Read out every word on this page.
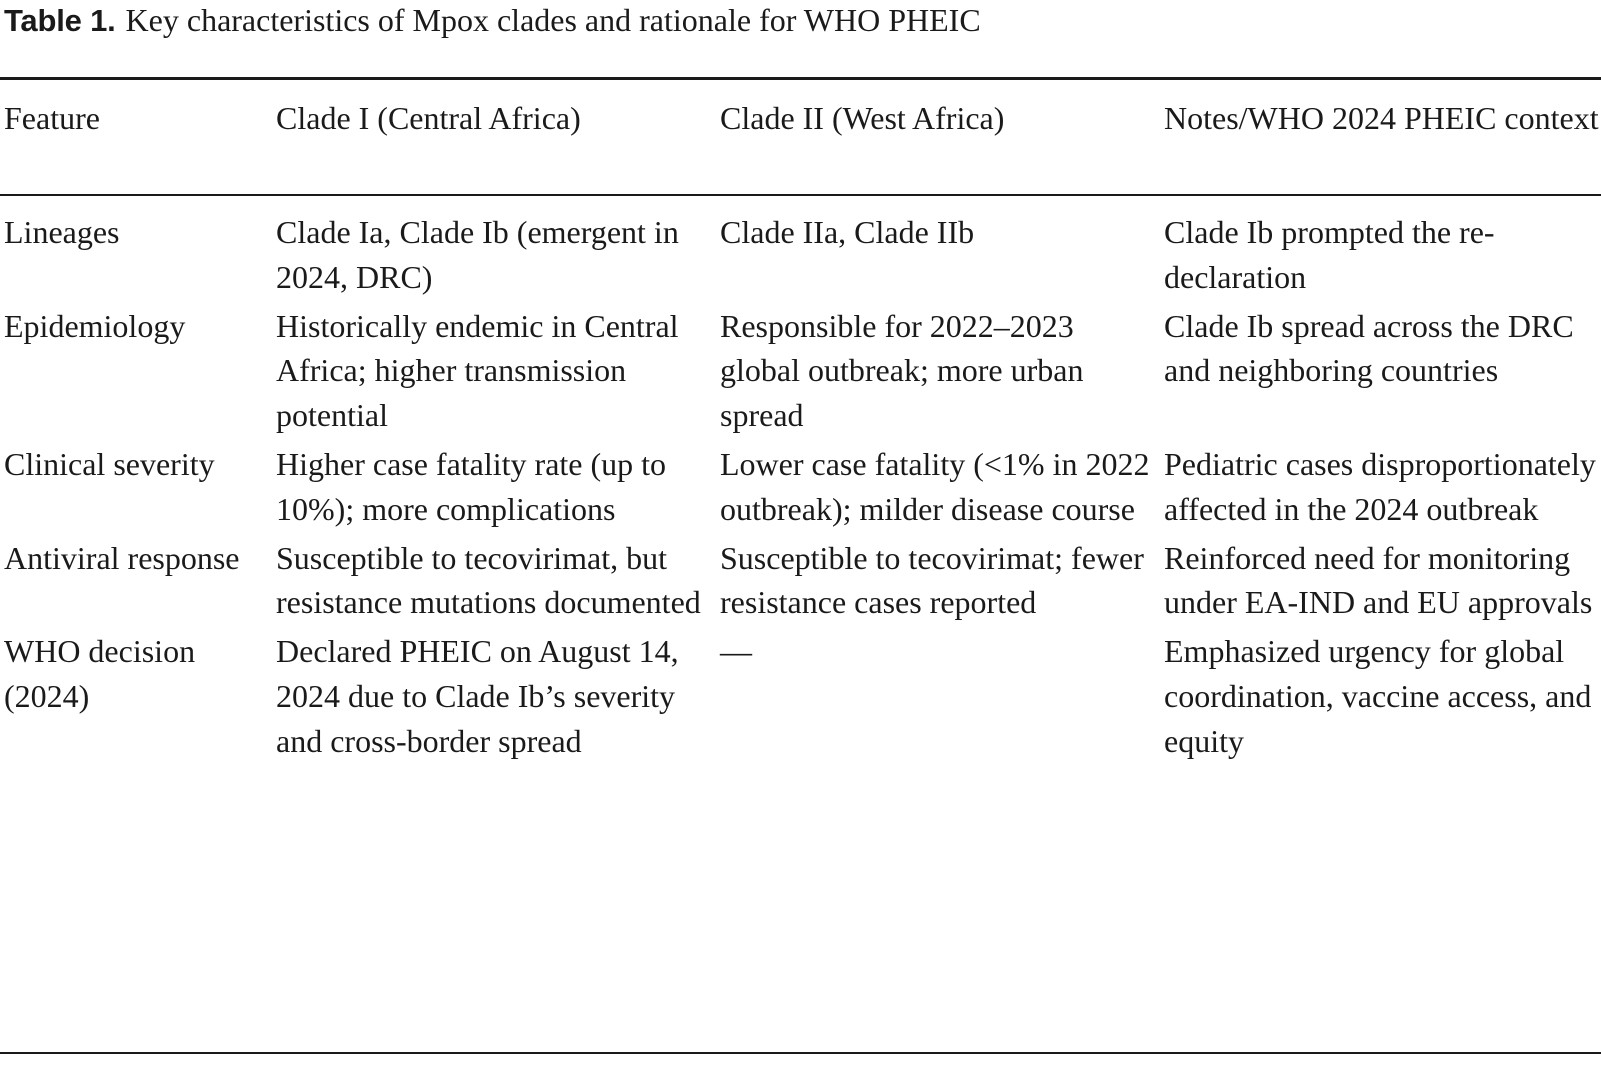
Table 1. Key characteristics of Mpox clades and rationale for WHO PHEIC
Feature	Clade I (Central Africa)	Clade II (West Africa)	Notes/WHO 2024 PHEIC context

Lineages	Clade Ia, Clade Ib (emergent in 2024, DRC)	Clade IIa, Clade IIb	Clade Ib prompted the re-declaration
Epidemiology	Historically endemic in Central Africa; higher transmission potential	Responsible for 2022–2023 global outbreak; more urban spread	Clade Ib spread across the DRC and neighboring countries
Clinical severity	Higher case fatality rate (up to 10%); more complications	Lower case fatality (<1% in 2022 outbreak); milder disease course	Pediatric cases disproportionately affected in the 2024 outbreak
Antiviral response	Susceptible to tecovirimat, but resistance mutations documented	Susceptible to tecovirimat; fewer resistance cases reported	Reinforced need for monitoring under EA-IND and EU approvals
WHO decision (2024)	Declared PHEIC on August 14, 2024 due to Clade Ib’s severity and cross-border spread	—	Emphasized urgency for global coordination, vaccine access, and equity
